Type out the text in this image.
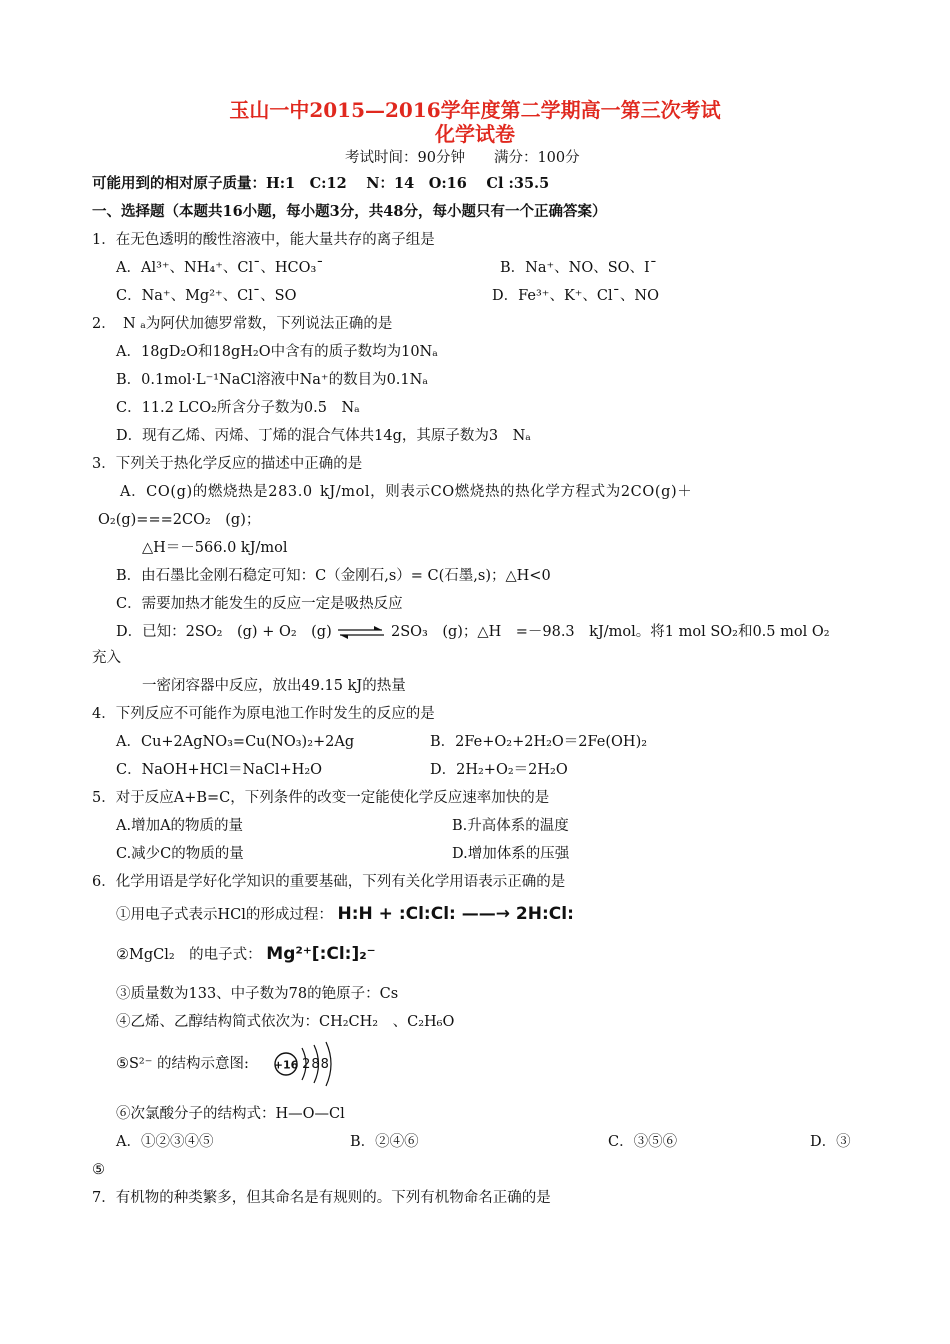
玉山一中2015—2016学年度第二学期高一第三次考试
化学试卷
考试时间：90分钟　　满分：100分
可能用到的相对原子质量：H:1　C:12　 N：14　O:16　 Cl :35.5
一、选择题（本题共16小题，每小题3分，共48分，每小题只有一个正确答案）
1．在无色透明的酸性溶液中，能大量共存的离子组是
A．Al³⁺、NH₄⁺、Cl¯、HCO₃¯	B．Na⁺、NO、SO、I¯
C．Na⁺、Mg²⁺、Cl¯、SO	D．Fe³⁺、K⁺、Cl¯、NO
2．　N ₐ为阿伏加德罗常数，下列说法正确的是
A．18gD₂O和18gH₂O中含有的质子数均为10Nₐ
B．0.1mol·L⁻¹NaCl溶液中Na⁺的数目为0.1Nₐ
C．11.2 LCO₂所含分子数为0.5　Nₐ
D．现有乙烯、丙烯、丁烯的混合气体共14g，其原子数为3　Nₐ
3．下列关于热化学反应的描述中正确的是
A．CO(g)的燃烧热是283.0 kJ/mol，则表示CO燃烧热的热化学方程式为2CO(g)＋
O₂(g)===2CO₂　(g)；
△H＝－566.0 kJ/mol
B．由石墨比金刚石稳定可知：C（金刚石,s）= C(石墨,s)；△H<0
C．需要加热才能发生的反应一定是吸热反应
D．已知：2SO₂　(g) + O₂　(g) ⇌ 2SO₃　(g)；△H　=－98.3　kJ/mol。将1 mol SO₂和0.5 mol O₂
充入
一密闭容器中反应，放出49.15 kJ的热量
4．下列反应不可能作为原电池工作时发生的反应的是
A．Cu+2AgNO₃=Cu(NO₃)₂+2Ag	B．2Fe+O₂+2H₂O＝2Fe(OH)₂
C．NaOH+HCl＝NaCl+H₂O	D．2H₂+O₂＝2H₂O
5．对于反应A+B=C，下列条件的改变一定能使化学反应速率加快的是
A.增加A的物质的量	B.升高体系的温度
C.减少C的物质的量	D.增加体系的压强
6．化学用语是学好化学知识的重要基础，下列有关化学用语表示正确的是
①用电子式表示HCl的形成过程： H:H + :Cl:Cl: ——→ 2H:Cl:
②MgCl₂　的电子式： Mg²⁺[:Cl:]₂⁻
③质量数为133、中子数为78的铯原子：Cs
④乙烯、乙醇结构简式依次为：CH₂CH₂　、C₂H₆O
⑤S²⁻ 的结构示意图: +16 288
⑥次氯酸分子的结构式：H—O—Cl
A．①②③④⑤	B．②④⑥	C．③⑤⑥	D．③
⑤
7．有机物的种类繁多，但其命名是有规则的。下列有机物命名正确的是
